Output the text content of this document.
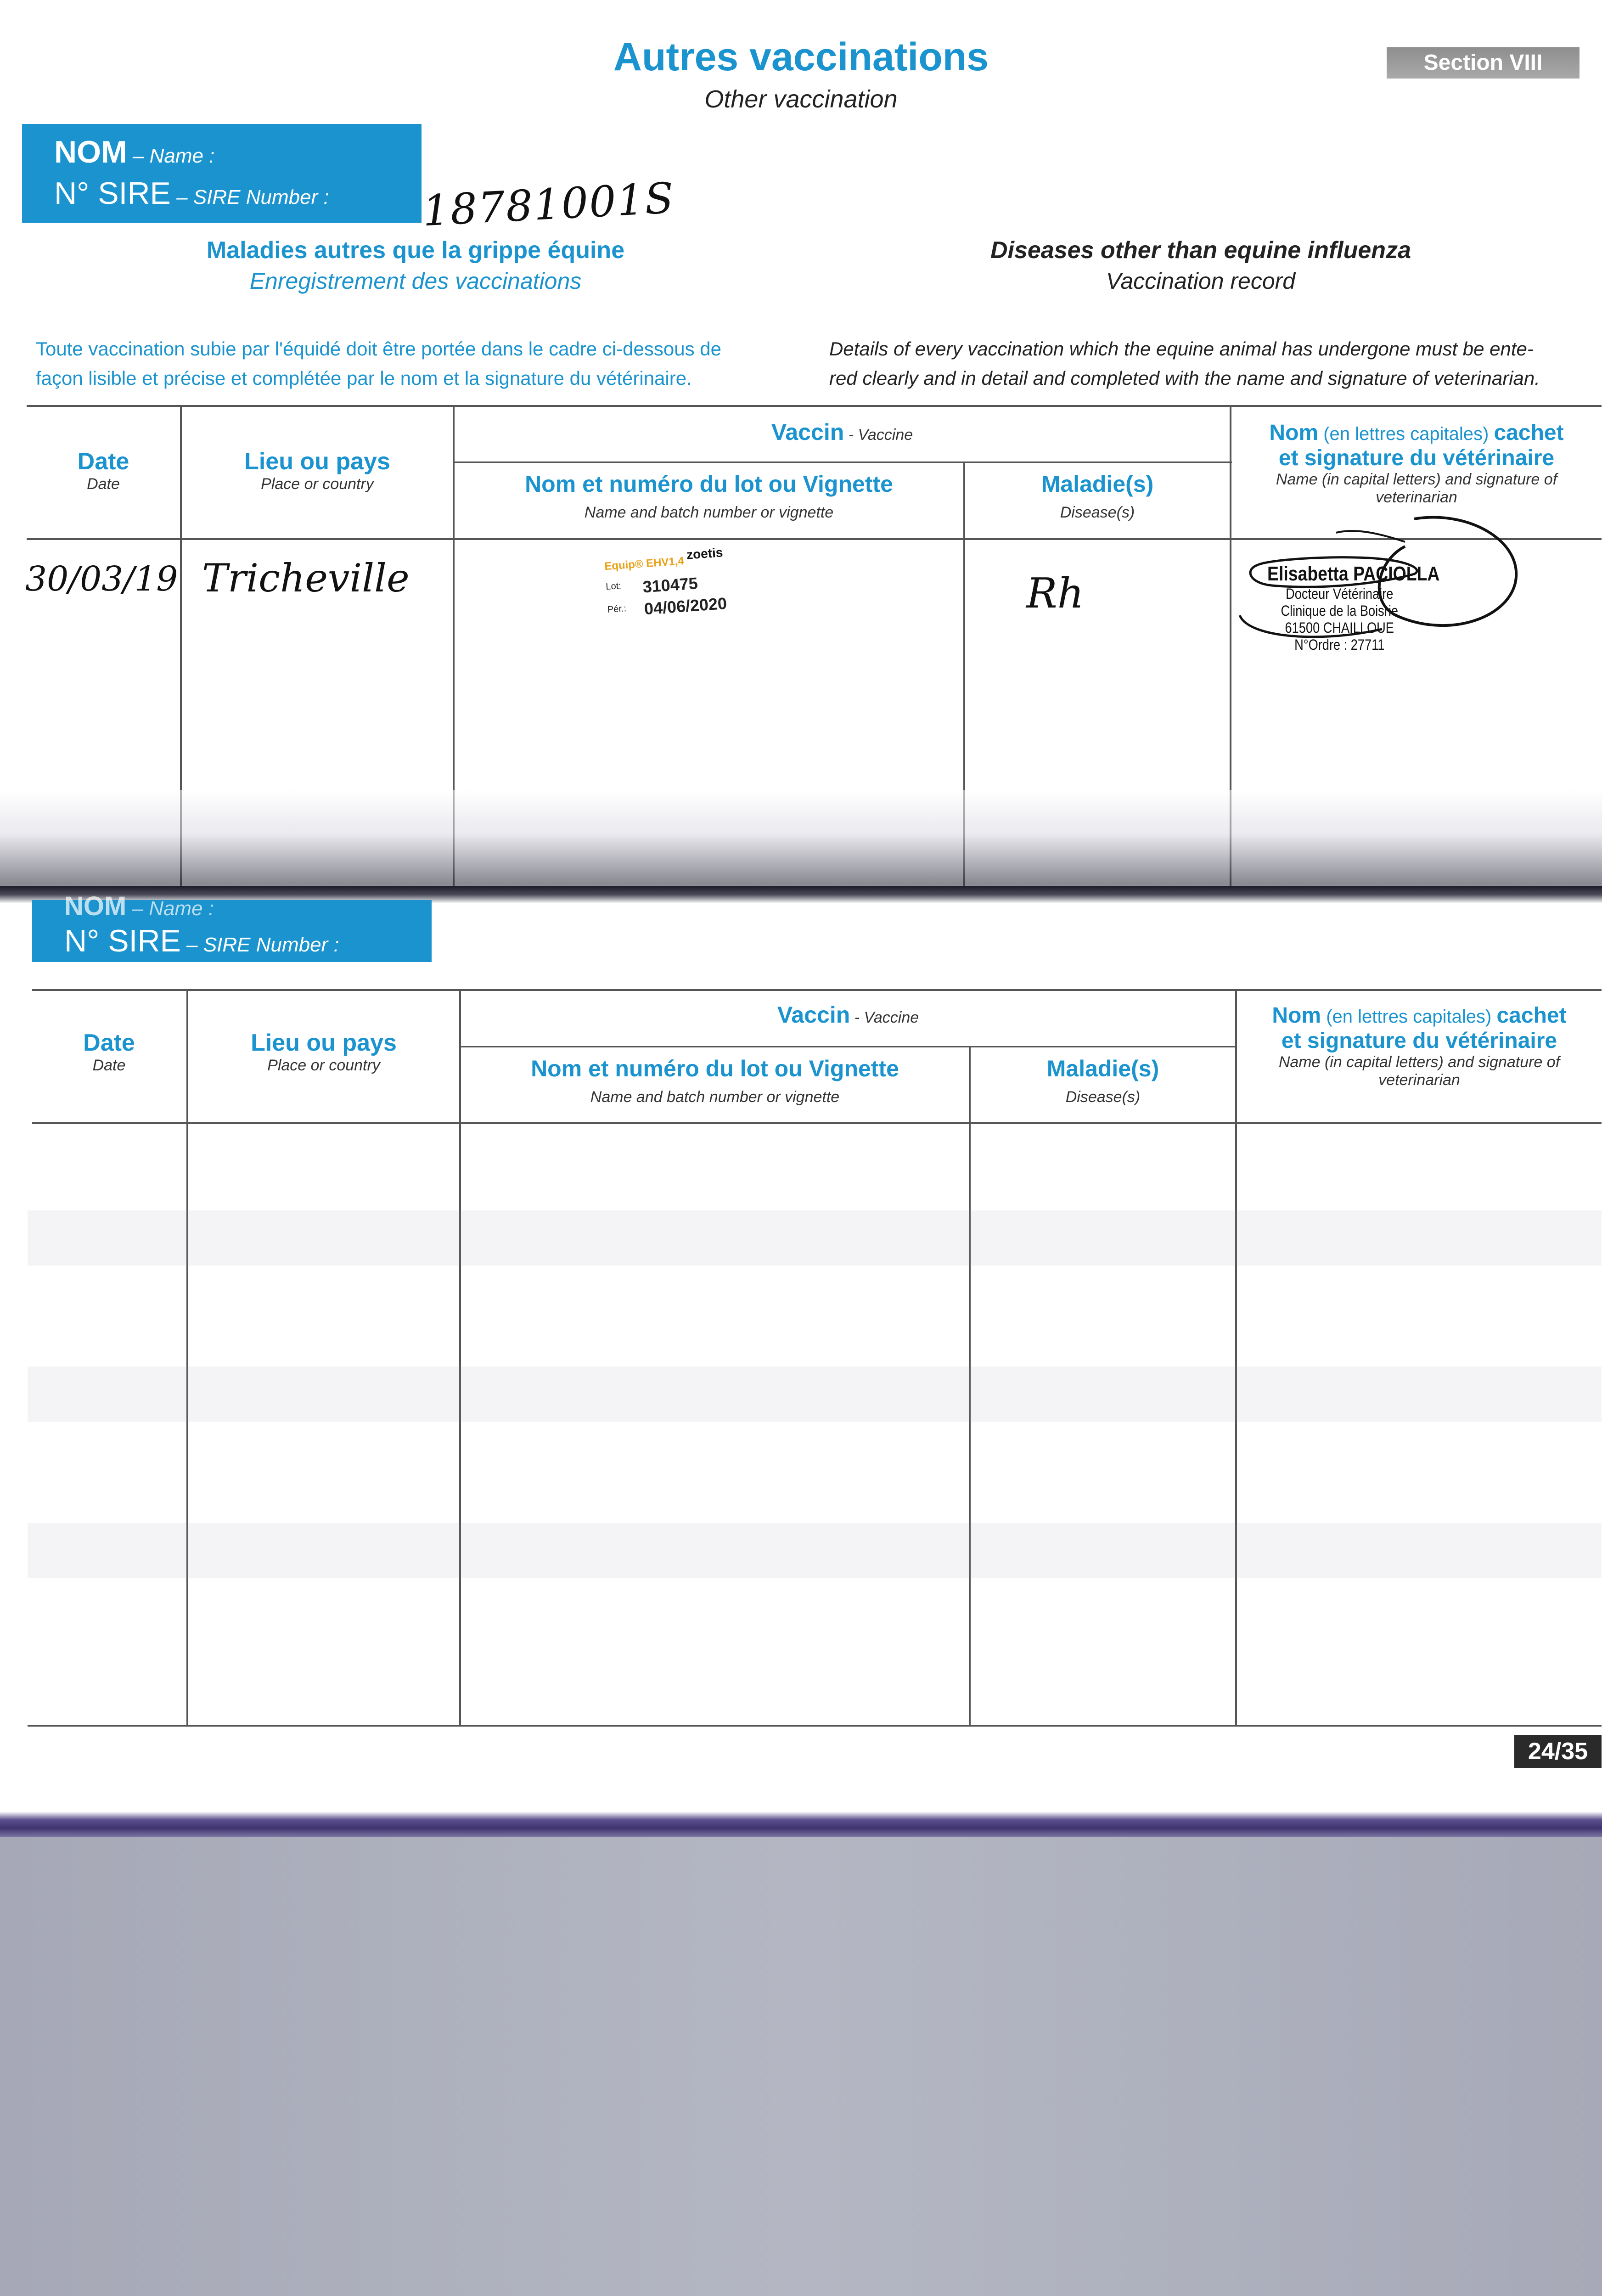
Autres vaccinations
Other vaccination
Section VIII
NOM – Name :
N° SIRE – SIRE Number : 18781001S
Maladies autres que la grippe équine
Enregistrement des vaccinations
Diseases other than equine influenza
Vaccination record
Toute vaccination subie par l'équidé doit être portée dans le cadre ci-dessous de
façon lisible et précise et complétée par le nom et la signature du vétérinaire.
Details of every vaccination which the equine animal has undergone must be ente-
red clearly and in detail and completed with the name and signature of veterinarian.
Date
Date
Lieu ou pays
Place or country
Vaccin - Vaccine
Nom et numéro du lot ou Vignette
Name and batch number or vignette
Maladie(s)
Disease(s)
Nom (en lettres capitales) cachet
et signature du vétérinaire
Name (in capital letters) and signature of
veterinarian
30/03/19 Tricheville	Equip® EHV1,4
zoetis
Lot: 310475
Pér.: 04/06/2020	Rh	Elisabetta PACIOLLA
Docteur Vétérinaire
Clinique de la Boisrie
61500 CHAILLOUE
N°Ordre : 27711
NOM – Name :
N° SIRE – SIRE Number :
Date
Date
Lieu ou pays
Place or country
Vaccin - Vaccine
Nom et numéro du lot ou Vignette
Name and batch number or vignette
Maladie(s)
Disease(s)
Nom (en lettres capitales) cachet
et signature du vétérinaire
Name (in capital letters) and signature of
veterinarian
24/35
